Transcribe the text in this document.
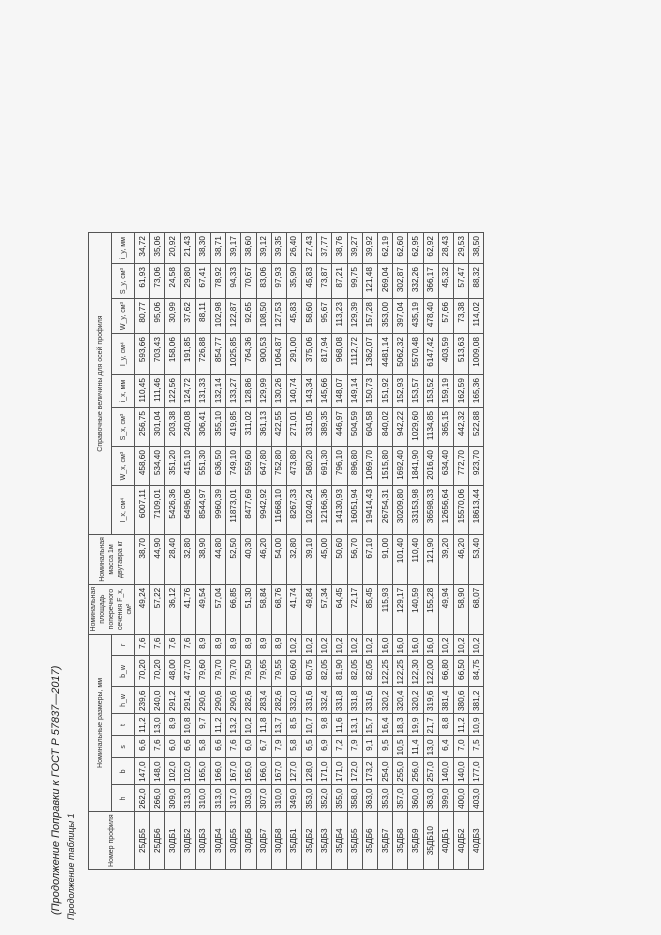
(Продолжение Поправки к ГОСТ Р 57837—2017) Продолжение таблицы 1	Номер профиля	Номинальные размеры, мм							Номинальная площадь поперечного сечения F_x, см²	Номинальная масса 1м двутавра кг	Справочные величины для осей профиля							
	h	b	s	t	h_w	b_w	r			I_x, см⁴	W_x, см³	S_x, см³	i_x, мм	I_y, см⁴	W_y, см³	S_y, см³	i_y, мм
25ДБ5	262,0	147,0	6,6	11,2	239,6	70,20	7,6	49,24	38,70	6007,11	458,60	256,75	110,45	593,66	80,77	61,93	34,72
25ДБ6	266,0	148,0	7,6	13,0	240,0	70,20	7,6	57,22	44,90	7109,01	534,40	301,04	111,46	703,43	95,06	73,06	35,06
30ДБ1	309,0	102,0	6,0	8,9	291,2	48,00	7,6	36,12	28,40	5426,36	351,20	203,38	122,56	158,06	30,99	24,58	20,92
30ДБ2	313,0	102,0	6,6	10,8	291,4	47,70	7,6	41,76	32,80	6496,06	415,10	240,08	124,72	191,85	37,62	29,80	21,43
30ДБ3	310,0	165,0	5,8	9,7	290,6	79,60	8,9	49,54	38,90	8544,97	551,30	306,41	131,33	726,88	88,11	67,41	38,30
30ДБ4	313,0	166,0	6,6	11,2	290,6	79,70	8,9	57,04	44,80	9960,39	636,50	355,10	132,14	854,77	102,98	78,92	38,71
30ДБ5	317,0	167,0	7,6	13,2	290,6	79,70	8,9	66,85	52,50	11873,01	749,10	419,85	133,27	1025,85	122,87	94,33	39,17
30ДБ6	303,0	165,0	6,0	10,2	282,6	79,50	8,9	51,30	40,30	8477,69	559,60	311,02	128,86	764,36	92,65	70,67	38,60
30ДБ7	307,0	166,0	6,7	11,8	283,4	79,65	8,9	58,84	46,20	9942,92	647,80	361,13	129,99	900,53	108,50	83,06	39,12
30ДБ8	310,0	167,0	7,9	13,7	282,6	79,55	8,9	68,76	54,00	11668,10	752,80	422,55	130,26	1064,87	127,53	97,93	39,35
35ДБ1	349,0	127,0	5,8	8,5	332,0	60,60	10,2	41,74	32,80	8267,33	473,80	271,01	140,74	291,00	45,83	35,90	26,40
35ДБ2	353,0	128,0	6,5	10,7	331,6	60,75	10,2	49,84	39,10	10240,24	580,20	331,05	143,34	375,06	58,60	45,83	27,43
35ДБ3	352,0	171,0	6,9	9,8	332,4	82,05	10,2	57,34	45,00	12166,36	691,30	389,35	145,66	817,94	95,67	73,87	37,77
35ДБ4	355,0	171,0	7,2	11,6	331,8	81,90	10,2	64,45	50,60	14130,93	796,10	446,97	148,07	968,08	113,23	87,21	38,76
35ДБ5	358,0	172,0	7,9	13,1	331,8	82,05	10,2	72,17	56,70	16051,94	896,80	504,59	149,14	1112,72	129,39	99,75	39,27
35ДБ6	363,0	173,2	9,1	15,7	331,6	82,05	10,2	85,45	67,10	19414,43	1069,70	604,58	150,73	1362,07	157,28	121,48	39,92
35ДБ7	353,0	254,0	9,5	16,4	320,2	122,25	16,0	115,93	91,00	26754,31	1515,80	840,02	151,92	4481,14	353,00	269,04	62,19
35ДБ8	357,0	255,0	10,5	18,3	320,4	122,25	16,0	129,17	101,40	30209,80	1692,40	942,22	152,93	5062,32	397,04	302,87	62,60
35ДБ9	360,0	256,0	11,4	19,9	320,2	122,30	16,0	140,59	110,40	33153,98	1841,90	1029,60	153,57	5570,48	435,19	332,26	62,95
35ДБ10	363,0	257,0	13,0	21,7	319,6	122,00	16,0	155,28	121,90	36598,33	2016,40	1134,85	153,52	6147,42	478,40	366,17	62,92
40ДБ1	399,0	140,0	6,4	8,8	381,4	66,80	10,2	49,94	39,20	12656,64	634,40	365,15	159,19	403,59	57,66	45,32	28,43
40ДБ2	400,0	140,0	7,0	11,2	380,6	66,50	10,2	58,90	46,20	15570,06	772,70	442,32	162,59	513,63	73,38	57,47	29,53
40ДБ3	403,0	177,0	7,5	10,9	381,2	84,75	10,2	68,07	53,40	18613,44	923,70	522,88	165,36	1009,08	114,02	88,32	38,50
